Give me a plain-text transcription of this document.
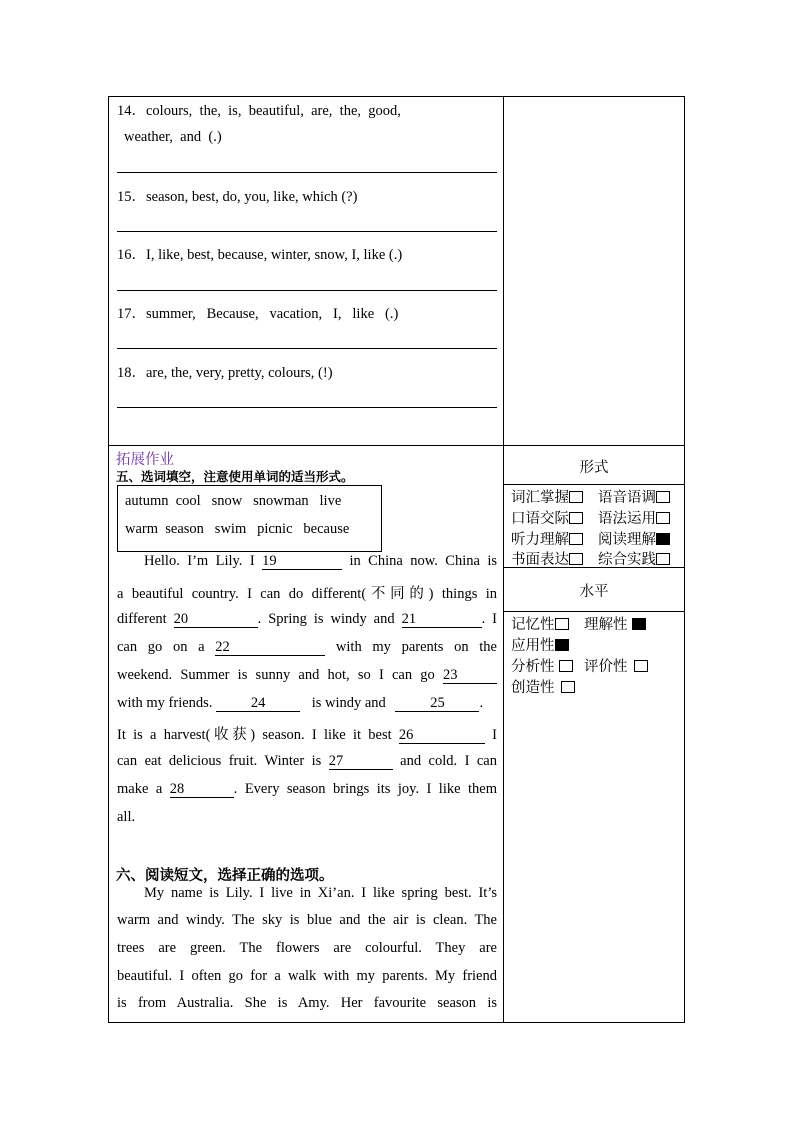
14．colours,  the,  is,  beautiful,  are,  the,  good,
weather,  and  (.)
15．season, best, do, you, like, which (?)
16．I, like, best, because, winter, snow, I, like (.)
17．summer,   Because,   vacation,   I,   like   (.)
18．are, the, very, pretty, colours, (!)
拓展作业
五、选词填空，注意使用单词的适当形式。
autumn  cool   snow   snowman   live
warm  season   swim   picnic   because
Hello. I’m Lily. I 19	in China now. China is
a beautiful country. I can do different(不同的) things in
different 20	. Spring is windy and 21	. I
can go on a 22	with my parents on the
weekend. Summer is sunny and hot, so I can go 23
with my friends. 24	is windy and	25 .
It is a harvest(收获) season. I like it best 26	I
can eat delicious fruit. Winter is 27	and cold. I can
make a 28	. Every season brings its joy. I like them
all.
六、阅读短文，选择正确的选项。
My name is Lily. I live in Xi’an. I like spring best. It’s
warm and windy. The sky is blue and the air is clean. The
trees are green. The flowers are colourful. They are
beautiful. I often go for a walk with my parents. My friend
is from Australia. She is Amy. Her favourite season is
形式
词汇掌握	语音语调
口语交际	语法运用
听力理解	阅读理解
书面表达	综合实践
水平
记忆性	理解性
应用性
分析性	评价性
创造性
